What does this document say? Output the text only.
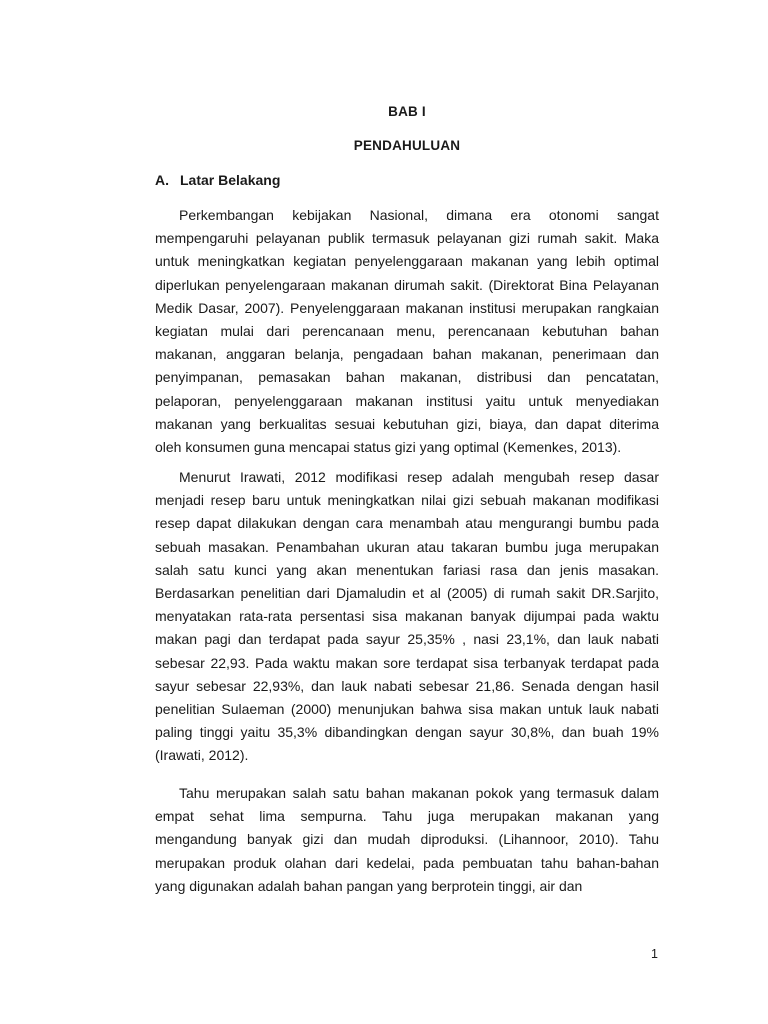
BAB I
PENDAHULUAN
A. Latar Belakang
Perkembangan kebijakan Nasional, dimana era otonomi sangat
mempengaruhi pelayanan publik termasuk pelayanan gizi rumah sakit. Maka
untuk meningkatkan kegiatan penyelenggaraan makanan yang lebih optimal
diperlukan penyelengaraan makanan dirumah sakit. (Direktorat Bina Pelayanan
Medik Dasar, 2007). Penyelenggaraan makanan institusi merupakan rangkaian
kegiatan mulai dari perencanaan menu, perencanaan kebutuhan bahan
makanan, anggaran belanja, pengadaan bahan makanan, penerimaan dan
penyimpanan, pemasakan bahan makanan, distribusi dan pencatatan,
pelaporan, penyelenggaraan makanan institusi yaitu untuk menyediakan
makanan yang berkualitas sesuai kebutuhan gizi, biaya, dan dapat diterima
oleh konsumen guna mencapai status gizi yang optimal (Kemenkes, 2013).
Menurut Irawati, 2012 modifikasi resep adalah mengubah resep dasar
menjadi resep baru untuk meningkatkan nilai gizi sebuah makanan modifikasi
resep dapat dilakukan dengan cara menambah atau mengurangi bumbu pada
sebuah masakan. Penambahan ukuran atau takaran bumbu juga merupakan
salah satu kunci yang akan menentukan fariasi rasa dan jenis masakan.
Berdasarkan penelitian dari Djamaludin et al (2005) di rumah sakit DR.Sarjito,
menyatakan rata-rata persentasi sisa makanan banyak dijumpai pada waktu
makan pagi dan terdapat pada sayur 25,35% , nasi 23,1%, dan lauk nabati
sebesar 22,93. Pada waktu makan sore terdapat sisa terbanyak terdapat pada
sayur sebesar 22,93%, dan lauk nabati sebesar 21,86. Senada dengan hasil
penelitian Sulaeman (2000) menunjukan bahwa sisa makan untuk lauk nabati
paling tinggi yaitu 35,3% dibandingkan dengan sayur 30,8%, dan buah 19%
(Irawati, 2012).
Tahu merupakan salah satu bahan makanan pokok yang termasuk dalam
empat sehat lima sempurna. Tahu juga merupakan makanan yang
mengandung banyak gizi dan mudah diproduksi. (Lihannoor, 2010). Tahu
merupakan produk olahan dari kedelai, pada pembuatan tahu bahan-bahan
yang digunakan adalah bahan pangan yang berprotein tinggi, air dan
1
